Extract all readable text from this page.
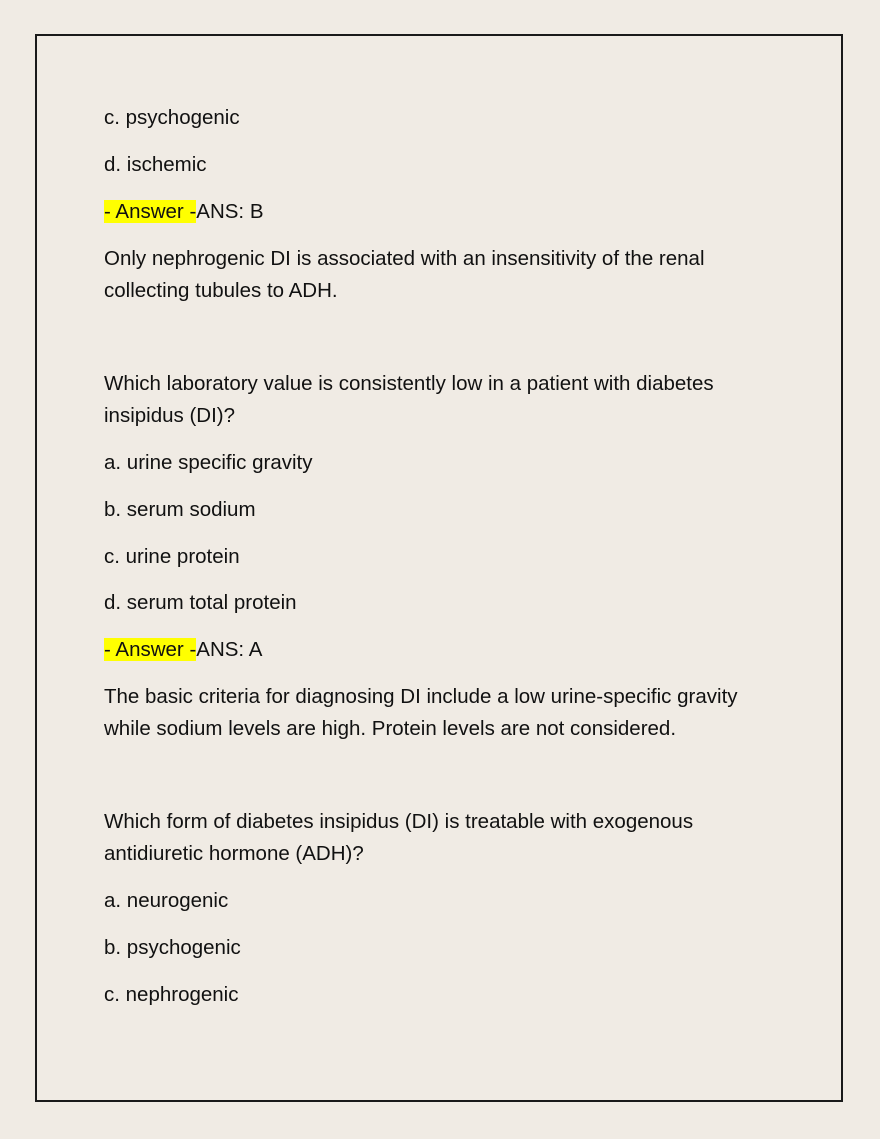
c. psychogenic
d. ischemic
- Answer -ANS: B
Only nephrogenic DI is associated with an insensitivity of the renal
collecting tubules to ADH.
Which laboratory value is consistently low in a patient with diabetes
insipidus (DI)?
a. urine specific gravity
b. serum sodium
c. urine protein
d. serum total protein
- Answer -ANS: A
The basic criteria for diagnosing DI include a low urine-specific gravity
while sodium levels are high. Protein levels are not considered.
Which form of diabetes insipidus (DI) is treatable with exogenous
antidiuretic hormone (ADH)?
a. neurogenic
b. psychogenic
c. nephrogenic
